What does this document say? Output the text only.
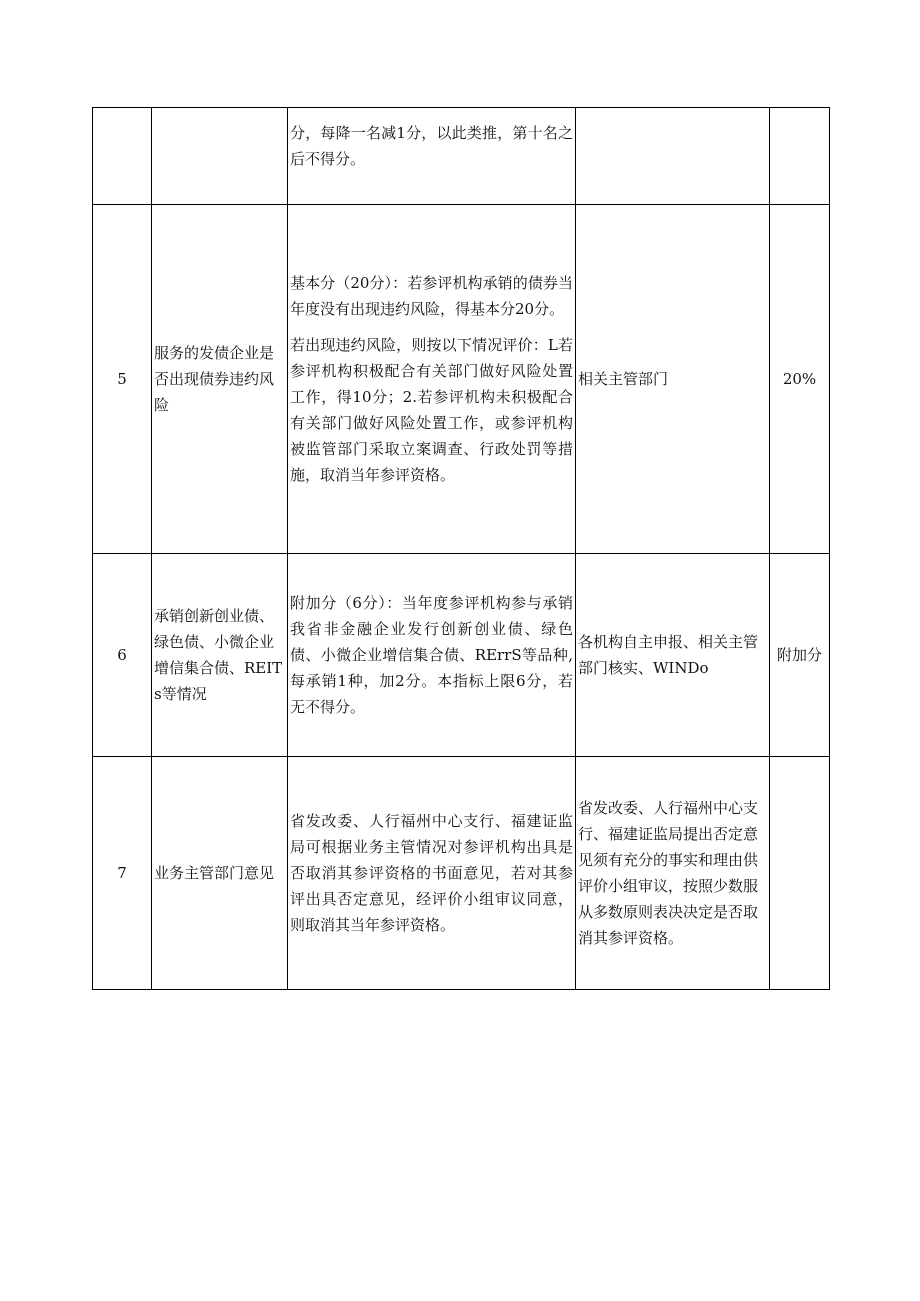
		分，每降一名减1分，以此类推，第十名之后不得分。		

5	服务的发债企业是否出现债券违约风险	基本分（20分）：若参评机构承销的债券当年度没有出现违约风险，得基本分20分。
若出现违约风险，则按以下情况评价：L若参评机构积极配合有关部门做好风险处置工作，得10分；2.若参评机构未积极配合有关部门做好风险处置工作，或参评机构被监管部门采取立案调查、行政处罚等措施，取消当年参评资格。	相关主管部门	20%
6	承销创新创业债、绿色债、小微企业增信集合债、REITs等情况	附加分（6分）：当年度参评机构参与承销我省非金融企业发行创新创业债、绿色债、小微企业增信集合债、RErrS等品种,每承销1种，加2分。本指标上限6分，若无不得分。	各机构自主申报、相关主管部门核实、WINDo	附加分
7	业务主管部门意见	省发改委、人行福州中心支行、福建证监局可根据业务主管情况对参评机构出具是否取消其参评资格的书面意见，若对其参评出具否定意见，经评价小组审议同意，则取消其当年参评资格。	省发改委、人行福州中心支行、福建证监局提出否定意见须有充分的事实和理由供评价小组审议，按照少数服从多数原则表决决定是否取消其参评资格。	
